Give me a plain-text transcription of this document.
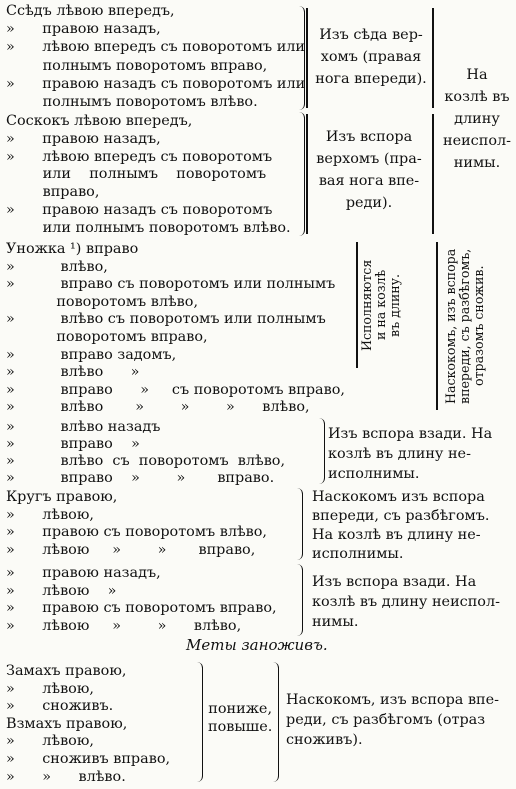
Ссѣдъ лѣвою впередъ,
»      правою назадъ,
»      лѣвою впередъ съ поворотомъ или
полнымъ поворотомъ вправо,
»      правою назадъ съ поворотомъ или
полнымъ поворотомъ влѣво.
Изъ сѣда вер-
хомъ (правая
нога впереди).
Соскокъ лѣвою впередъ,
»      правою назадъ,
»      лѣвою впередъ съ поворотомъ
или    полнымъ    поворотомъ
вправо,
»      правою назадъ съ поворотомъ
или полнымъ поворотомъ влѣво.
Изъ вспора
верхомъ (пра-
вая нога впе-
реди).
На
козлѣ въ
длину
неиспол-
нимы.
Уножка ¹) вправо
»          влѣво,
»          вправо съ поворотомъ или полнымъ
поворотомъ влѣво,
»          влѣво съ поворотомъ или полнымъ
поворотомъ вправо,
»          вправо задомъ,
»          влѣво      »
»          вправо      »     съ поворотомъ вправо,
»          влѣво       »        »        »      влѣво,
Исполняются
и на козлѣ
въ длину.
Наскокомъ, изъ вспора
впереди, съ разбѣгомъ,
отразомъ сножив.
»          влѣво назадъ
»          вправо    »
»          влѣво  съ  поворотомъ  влѣво,
»          вправо    »        »       вправо.
Изъ вспора взади. На
козлѣ въ длину не-
исполнимы.
Кругъ правою,
»      лѣвою,
»      правою съ поворотомъ влѣво,
»      лѣвою     »        »       вправо,
Наскокомъ изъ вспора
впереди, съ разбѣгомъ.
На козлѣ въ длину не-
исполнимы.
»      правою назадъ,
»      лѣвою    »
»      правою съ поворотомъ вправо,
»      лѣвою     »        »      влѣво,
Изъ вспора взади. На
козлѣ въ длину неиспол-
нимы.
Меты заноживъ.
Замахъ правою,
»      лѣвою,
»      сноживъ.
Взмахъ правою,
»      лѣвою,
»      сноживъ вправо,
»      »      влѣво.
пониже,
повыше.
Наскокомъ, изъ вспора впе-
реди, съ разбѣгомъ (отраз
сноживъ).
